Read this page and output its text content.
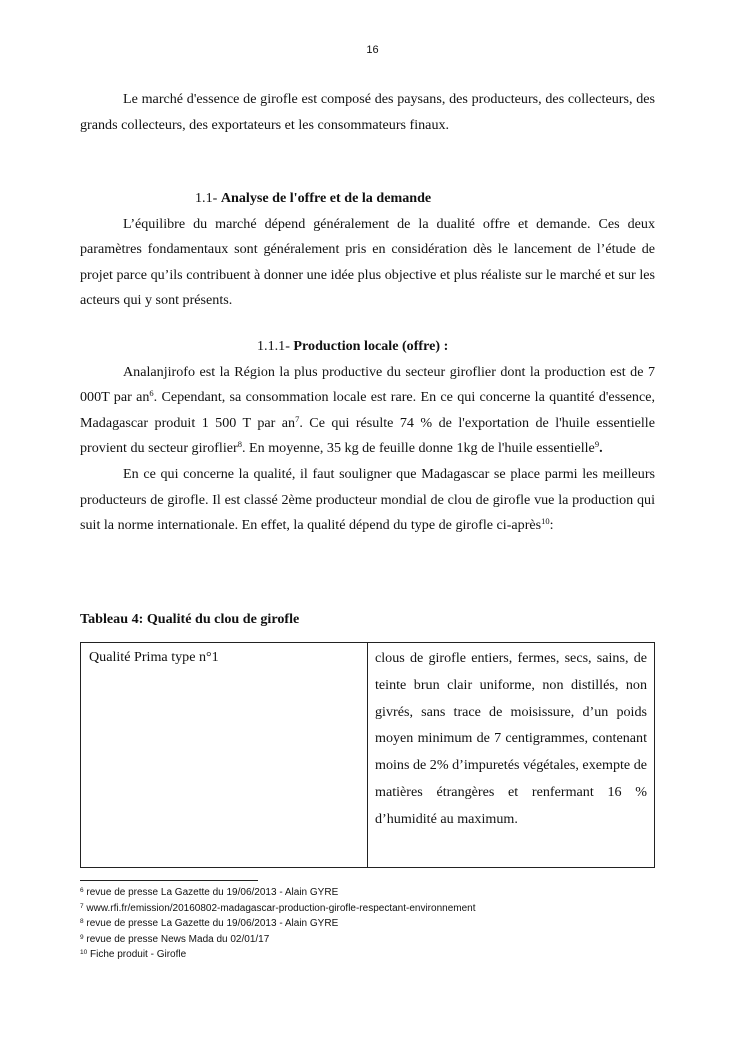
16

Le marché d'essence de girofle est composé des paysans, des producteurs, des collecteurs, des grands collecteurs, des exportateurs et les consommateurs finaux.

1.1- Analyse de l'offre et de la demande

L’équilibre du marché dépend généralement de la dualité offre et demande. Ces deux paramètres fondamentaux sont généralement pris en considération dès le lancement de l’étude de projet parce qu’ils contribuent à donner une idée plus objective et plus réaliste sur le marché et sur les acteurs qui y sont présents.

1.1.1- Production locale (offre) :

Analanjirofo est la Région la plus productive du secteur giroflier dont la production est de 7 000T par $an^6$. Cependant, sa consommation locale est rare. En ce qui concerne la quantité d'essence, Madagascar produit 1 500 T par $an^7$. Ce qui résulte 74 % de l'exportation de l'huile essentielle provient du secteur giroflier$^8$. En moyenne, 35 kg de feuille donne 1kg de l'huile essentielle$^9$.

En ce qui concerne la qualité, il faut souligner que Madagascar se place parmi les meilleurs producteurs de girofle. Il est classé 2ème producteur mondial de clou de girofle vue la production qui suit la norme internationale. En effet, la qualité dépend du type de girofle ci-après$^{10}$:

Tableau 4: Qualité du clou de girofle
Qualité Prima type n°1	clous de girofle entiers, fermes, secs, sains, de teinte brun clair uniforme, non distillés, non givrés, sans trace de moisissure, d’un poids moyen minimum de 7 centigrammes, contenant moins de 2% d’impuretés végétales, exempte de matières étrangères et renfermant 16 % d’humidité au maximum.
$^6$ revue de presse La Gazette du 19/06/2013 - Alain GYRE
$^7$ www.rfi.fr/emission/20160802-madagascar-production-girofle-respectant-environnement
$^8$ revue de presse La Gazette du 19/06/2013 - Alain GYRE
$^9$ revue de presse News Mada du 02/01/17
$^{10}$ Fiche produit - Girofle
